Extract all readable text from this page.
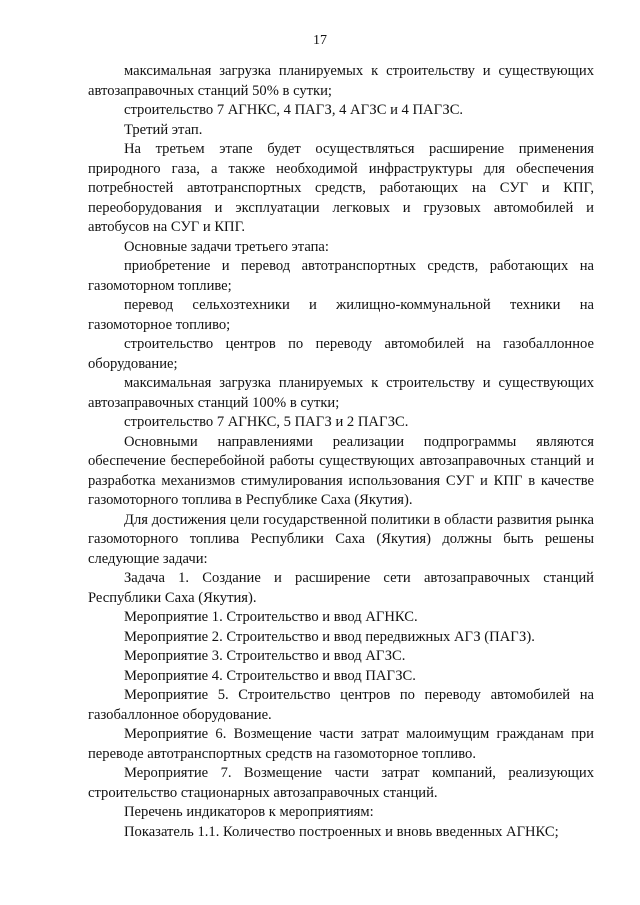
17

максимальная загрузка планируемых к строительству и существующих автозаправочных станций 50% в сутки;

строительство 7 АГНКС, 4 ПАГЗ, 4 АГЗС и 4 ПАГЗС.

Третий этап.

На третьем этапе будет осуществляться расширение применения природного газа, а также необходимой инфраструктуры для обеспечения потребностей автотранспортных средств, работающих на СУГ и КПГ, переоборудования и эксплуатации легковых и грузовых автомобилей и автобусов на СУГ и КПГ.

Основные задачи третьего этапа:

приобретение и перевод автотранспортных средств, работающих на газомоторном топливе;

перевод сельхозтехники и жилищно-коммунальной техники на газомоторное топливо;

строительство центров по переводу автомобилей на газобаллонное оборудование;

максимальная загрузка планируемых к строительству и существующих автозаправочных станций 100% в сутки;

строительство 7 АГНКС, 5 ПАГЗ и 2 ПАГЗС.

Основными направлениями реализации подпрограммы являются обеспечение бесперебойной работы существующих автозаправочных станций и разработка механизмов стимулирования использования СУГ и КПГ в качестве газомоторного топлива в Республике Саха (Якутия).

Для достижения цели государственной политики в области развития рынка газомоторного топлива Республики Саха (Якутия) должны быть решены следующие задачи:

Задача 1. Создание и расширение сети автозаправочных станций Республики Саха (Якутия).

Мероприятие 1. Строительство и ввод АГНКС.

Мероприятие 2. Строительство и ввод передвижных АГЗ (ПАГЗ).

Мероприятие 3. Строительство и ввод АГЗС.

Мероприятие 4. Строительство и ввод ПАГЗС.

Мероприятие 5. Строительство центров по переводу автомобилей на газобаллонное оборудование.

Мероприятие 6. Возмещение части затрат малоимущим гражданам при переводе автотранспортных средств на газомоторное топливо.

Мероприятие 7. Возмещение части затрат компаний, реализующих строительство стационарных автозаправочных станций.

Перечень индикаторов к мероприятиям:

Показатель 1.1. Количество построенных и вновь введенных АГНКС;
